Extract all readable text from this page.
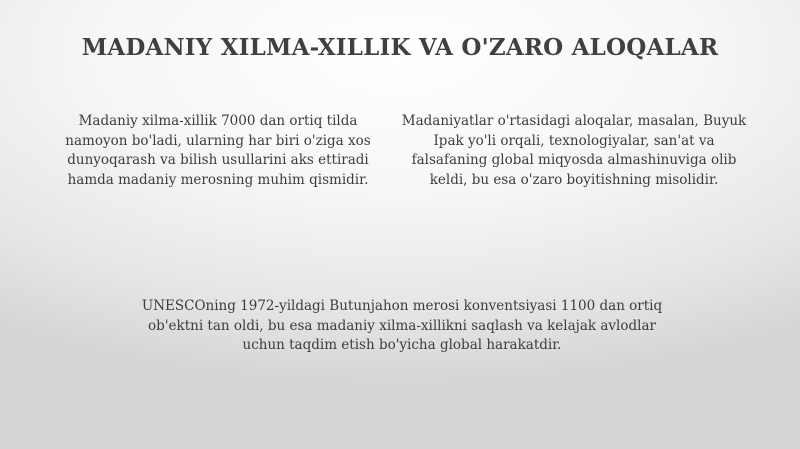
MADANIY XILMA-XILLIK VA O'ZARO ALOQALAR

Madaniy xilma-xillik 7000 dan ortiq tilda namoyon bo'ladi, ularning har biri o'ziga xos dunyoqarash va bilish usullarini aks ettiradi hamda madaniy merosning muhim qismidir.

Madaniyatlar o'rtasidagi aloqalar, masalan, Buyuk Ipak yo'li orqali, texnologiyalar, san'at va falsafaning global miqyosda almashinuviga olib keldi, bu esa o'zaro boyitishning misolidir.

UNESCOning 1972-yildagi Butunjahon merosi konventsiyasi 1100 dan ortiq ob'ektni tan oldi, bu esa madaniy xilma-xillikni saqlash va kelajak avlodlar uchun taqdim etish bo'yicha global harakatdir.
